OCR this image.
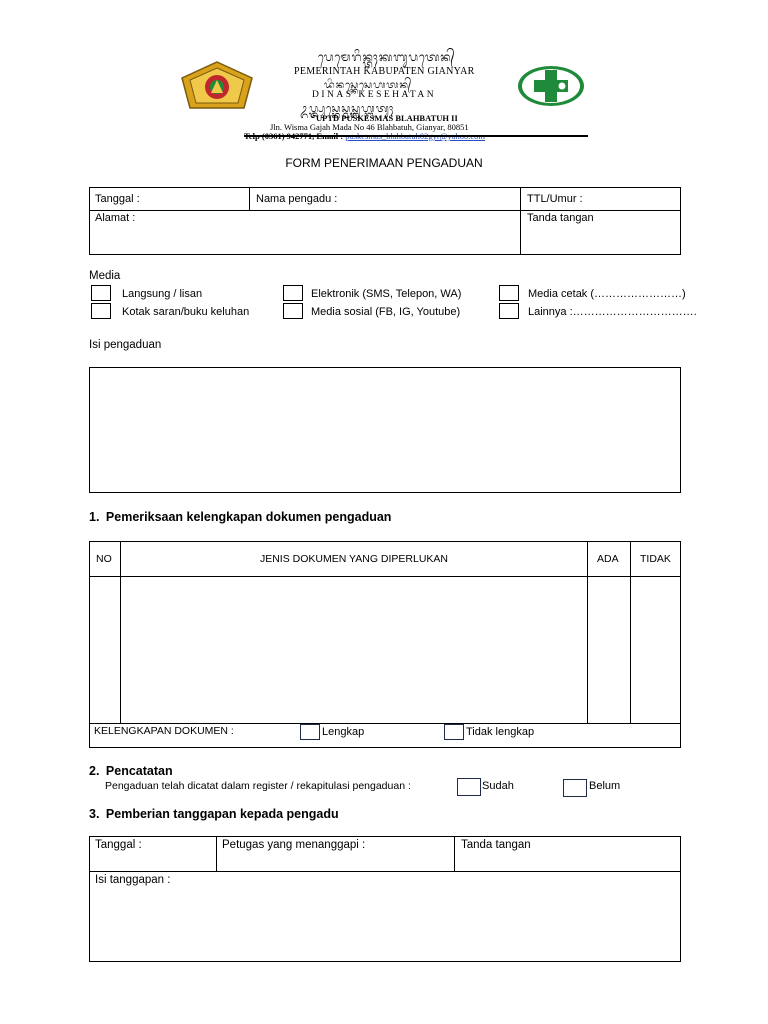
ᬧᬾᬫᬾᬭᬶᬦ᭄ᬢᬄᬓᬩᬸᬧᬢᬾᬦ᭄
PEMERINTAH KABUPATEN GIANYAR
ᬤᬶᬦᬲ᭄ᬓᬾᬲᬾᬳᬢᬦ᭄
DINAS KESEHATAN
ᬉᬧ᭄ᬢ᭄ᬤ᭄ᬧᬸᬲ᭄ᬓᬾᬲ᭄ᬫᬲ᭄ᬩ᭄ᬮᬳ᭄ᬩᬢᬸᬄ
UPTD PUSKESMAS BLAHBATUH II
Jln. Wisma Gajah Mada No 46 Blahbatuh, Gianyar, 80851
FORM PENERIMAAN PENGADUAN
Tanggal :	Nama pengadu :	TTL/Umur :
Alamat :	Tanda tangan
Media
Langsung / lisan
Kotak saran/buku keluhan
Elektronik (SMS, Telepon, WA)
Media sosial (FB, IG, Youtube)
Media cetak (……………………)
Lainnya :…………………………….
Isi pengaduan
1. Pemeriksaan kelengkapan dokumen pengaduan
NO	JENIS DOKUMEN YANG DIPERLUKAN	ADA TIDAK
KELENGKAPAN DOKUMEN :	Lengkap	Tidak lengkap
2. Pencatatan
Pengaduan telah dicatat dalam register / rekapitulasi pengaduan :	Sudah	Belum
3. Pemberian tanggapan kepada pengadu
Tanggal :	Petugas yang menanggapi :	Tanda tangan
Isi tanggapan :
